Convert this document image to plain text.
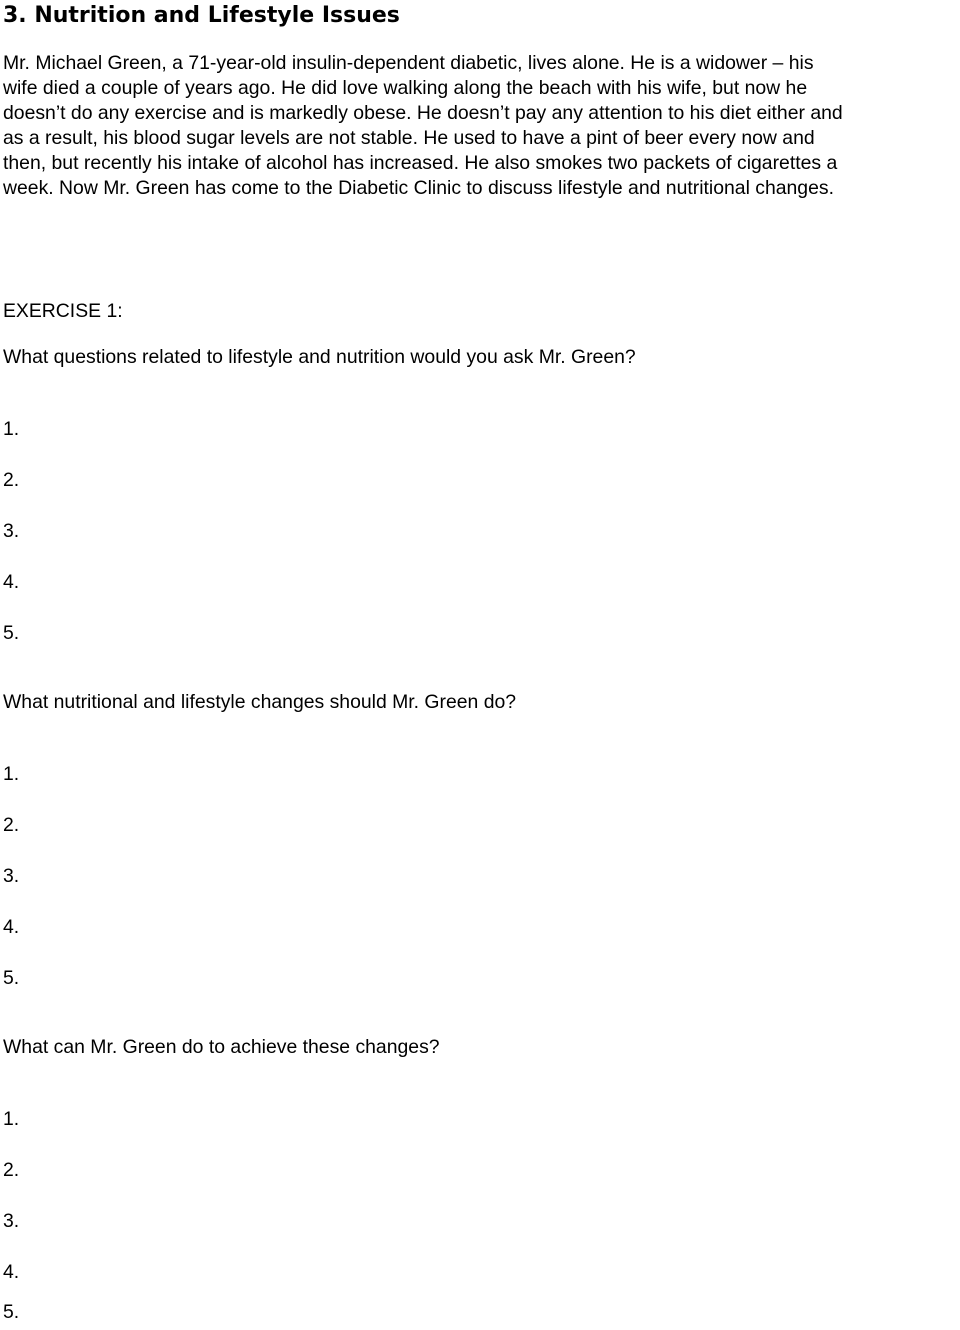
3. Nutrition and Lifestyle Issues

Mr. Michael Green, a 71-year-old insulin-dependent diabetic, lives alone. He is a widower – his
wife died a couple of years ago. He did love walking along the beach with his wife, but now he
doesn’t do any exercise and is markedly obese. He doesn’t pay any attention to his diet either and
as a result, his blood sugar levels are not stable. He used to have a pint of beer every now and
then, but recently his intake of alcohol has increased. He also smokes two packets of cigarettes a
week. Now Mr. Green has come to the Diabetic Clinic to discuss lifestyle and nutritional changes.

EXERCISE 1:

What questions related to lifestyle and nutrition would you ask Mr. Green?

1.

2.

3.

4.

5.

What nutritional and lifestyle changes should Mr. Green do?

1.

2.

3.

4.

5.

What can Mr. Green do to achieve these changes?

1.

2.

3.

4.

5.
